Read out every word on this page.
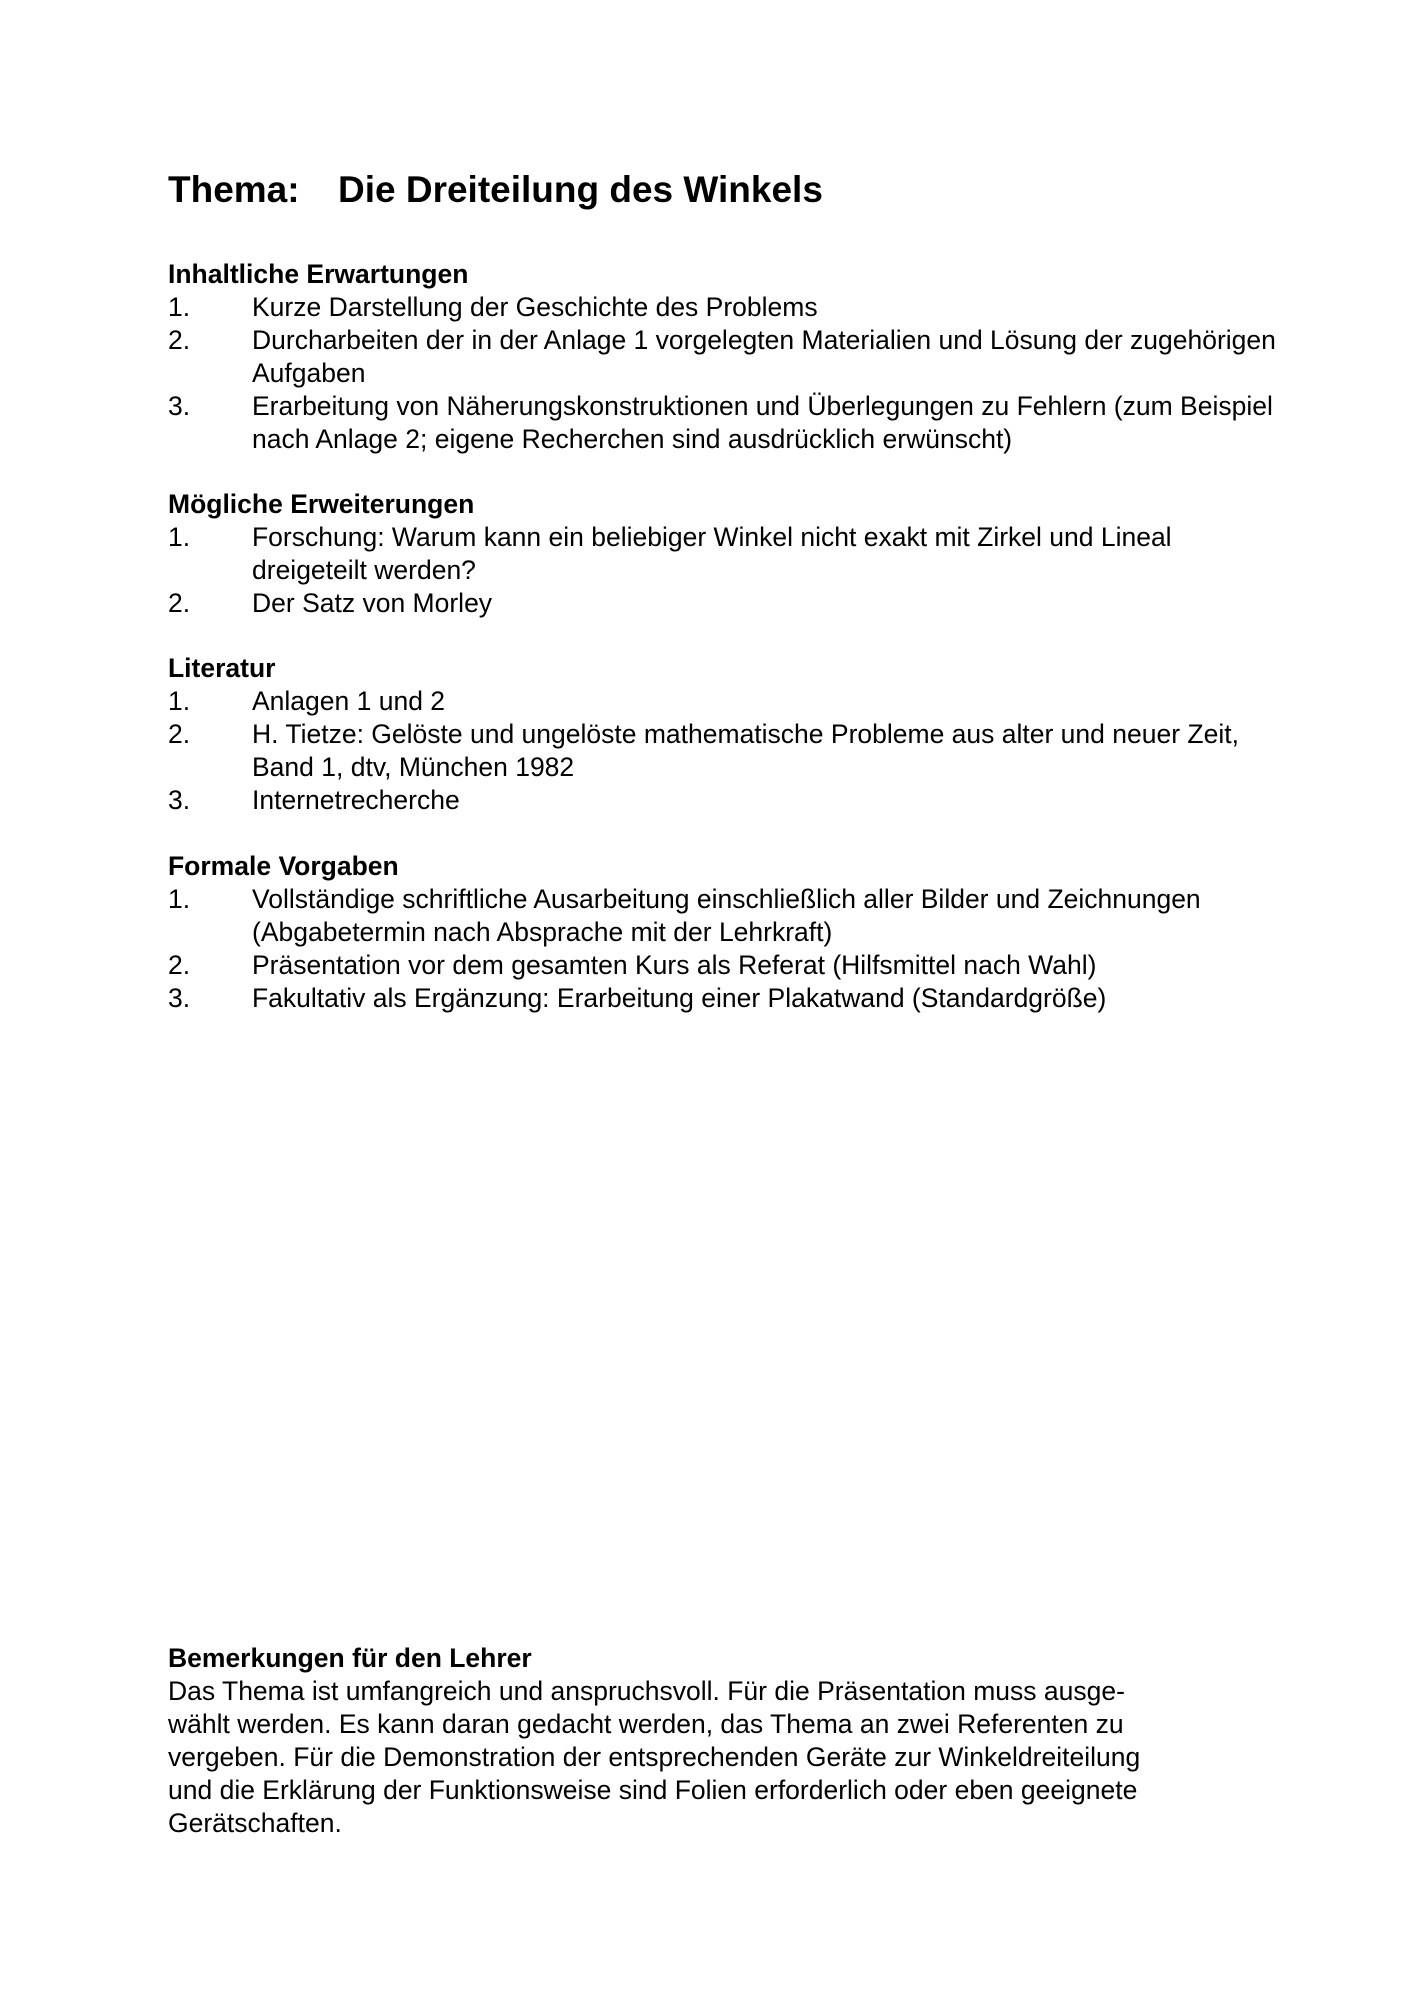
Thema: Die Dreiteilung des Winkels
Inhaltliche Erwartungen
1.	Kurze Darstellung der Geschichte des Problems
2.	Durcharbeiten der in der Anlage 1 vorgelegten Materialien und Lösung der zugehörigen Aufgaben
3.	Erarbeitung von Näherungskonstruktionen und Überlegungen zu Fehlern (zum Beispiel nach Anlage 2; eigene Recherchen sind ausdrücklich erwünscht)
Mögliche Erweiterungen
1.	Forschung: Warum kann ein beliebiger Winkel nicht exakt mit Zirkel und Lineal dreigeteilt werden?
2.	Der Satz von Morley
Literatur
1.	Anlagen 1 und 2
2.	H. Tietze: Gelöste und ungelöste mathematische Probleme aus alter und neuer Zeit, Band 1, dtv, München 1982
3.	Internetrecherche
Formale Vorgaben
1.	Vollständige schriftliche Ausarbeitung einschließlich aller Bilder und Zeichnungen (Abgabetermin nach Absprache mit der Lehrkraft)
2.	Präsentation vor dem gesamten Kurs als Referat (Hilfsmittel nach Wahl)
3.	Fakultativ als Ergänzung: Erarbeitung einer Plakatwand (Standardgröße)
Bemerkungen für den Lehrer

Das Thema ist umfangreich und anspruchsvoll. Für die Präsentation muss ausge-

wählt werden. Es kann daran gedacht werden, das Thema an zwei Referenten zu

vergeben. Für die Demonstration der entsprechenden Geräte zur Winkeldreiteilung

und die Erklärung der Funktionsweise sind Folien erforderlich oder eben geeignete

Gerätschaften.
